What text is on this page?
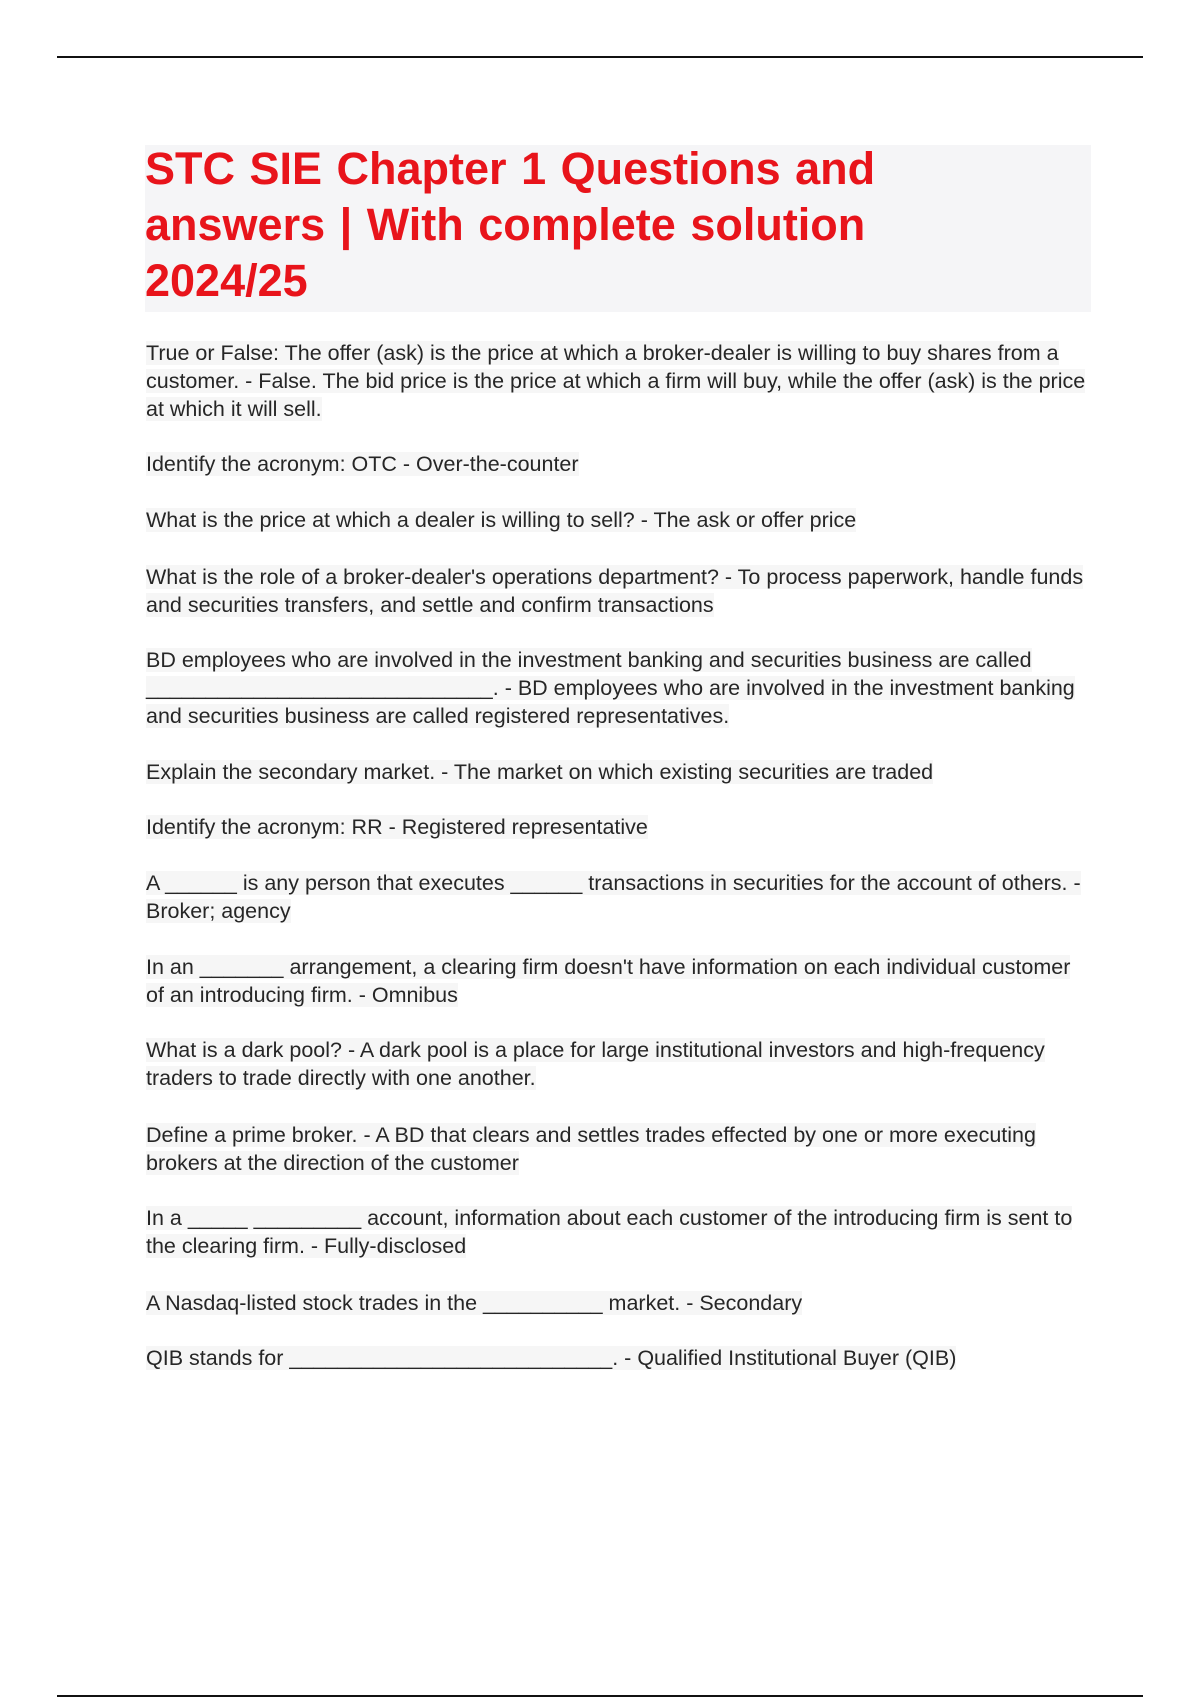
STC SIE Chapter 1 Questions and answers | With complete solution 2024/25

True or False: The offer (ask) is the price at which a broker-dealer is willing to buy shares from a customer. - False. The bid price is the price at which a firm will buy, while the offer (ask) is the price at which it will sell.

Identify the acronym: OTC - Over-the-counter

What is the price at which a dealer is willing to sell? - The ask or offer price

What is the role of a broker-dealer's operations department? - To process paperwork, handle funds and securities transfers, and settle and confirm transactions

BD employees who are involved in the investment banking and securities business are called _____________________________. - BD employees who are involved in the investment banking and securities business are called registered representatives.

Explain the secondary market. - The market on which existing securities are traded

Identify the acronym: RR - Registered representative

A ______ is any person that executes ______ transactions in securities for the account of others. - Broker; agency

In an _______ arrangement, a clearing firm doesn't have information on each individual customer of an introducing firm. - Omnibus

What is a dark pool? - A dark pool is a place for large institutional investors and high-frequency traders to trade directly with one another.

Define a prime broker. - A BD that clears and settles trades effected by one or more executing brokers at the direction of the customer

In a _____ _________ account, information about each customer of the introducing firm is sent to the clearing firm. - Fully-disclosed

A Nasdaq-listed stock trades in the __________ market. - Secondary

QIB stands for ___________________________. - Qualified Institutional Buyer (QIB)
